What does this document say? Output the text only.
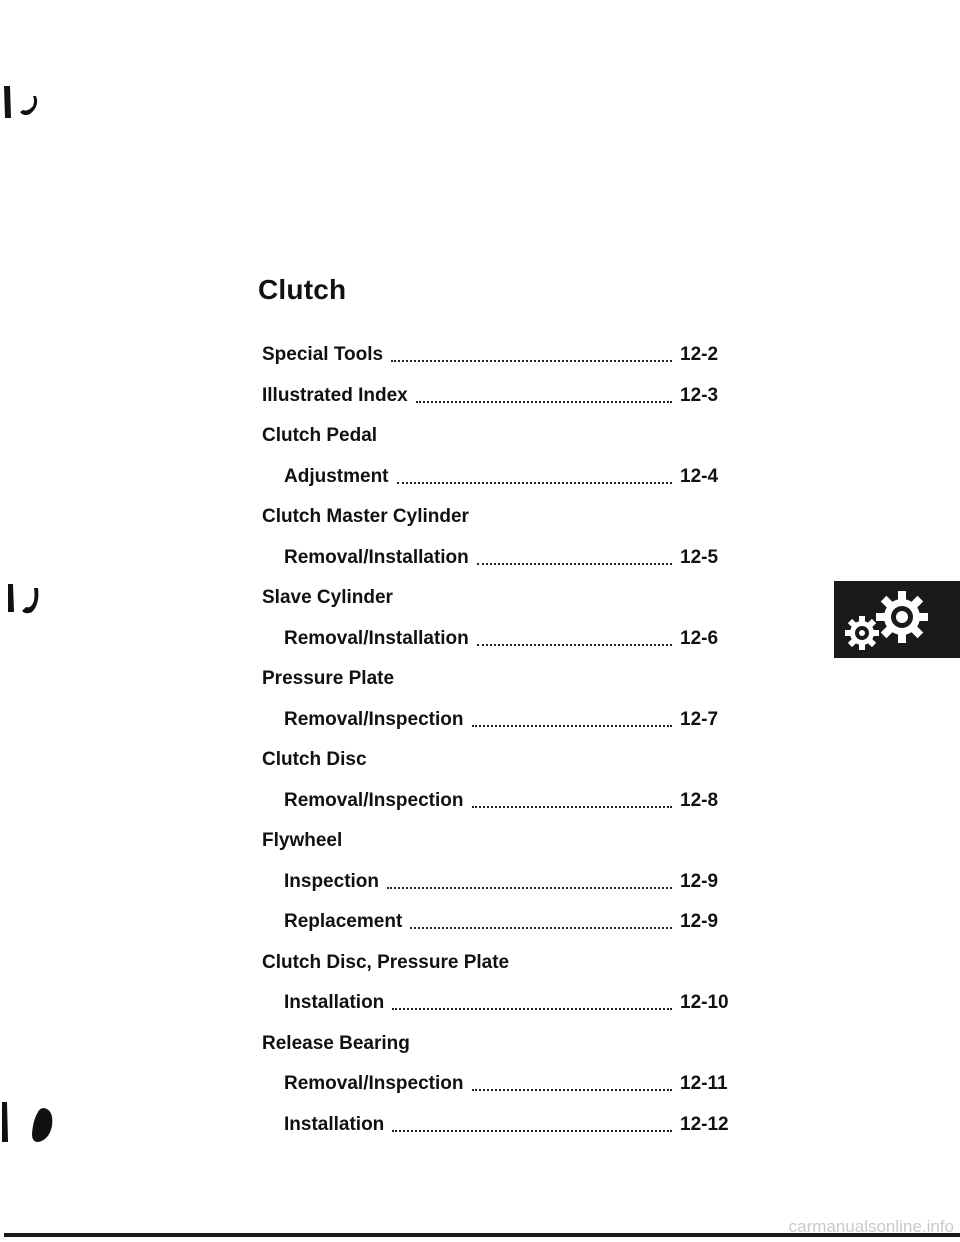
Clutch
Special Tools	12-2
Illustrated Index	12-3
Clutch Pedal
Adjustment	12-4
Clutch Master Cylinder
Removal/Installation	12-5
Slave Cylinder
Removal/Installation	12-6
Pressure Plate
Removal/Inspection	12-7
Clutch Disc
Removal/Inspection	12-8
Flywheel
Inspection	12-9
Replacement	12-9
Clutch Disc, Pressure Plate
Installation	12-10
Release Bearing
Removal/Inspection	12-11
Installation	12-12
carmanualsonline.info
